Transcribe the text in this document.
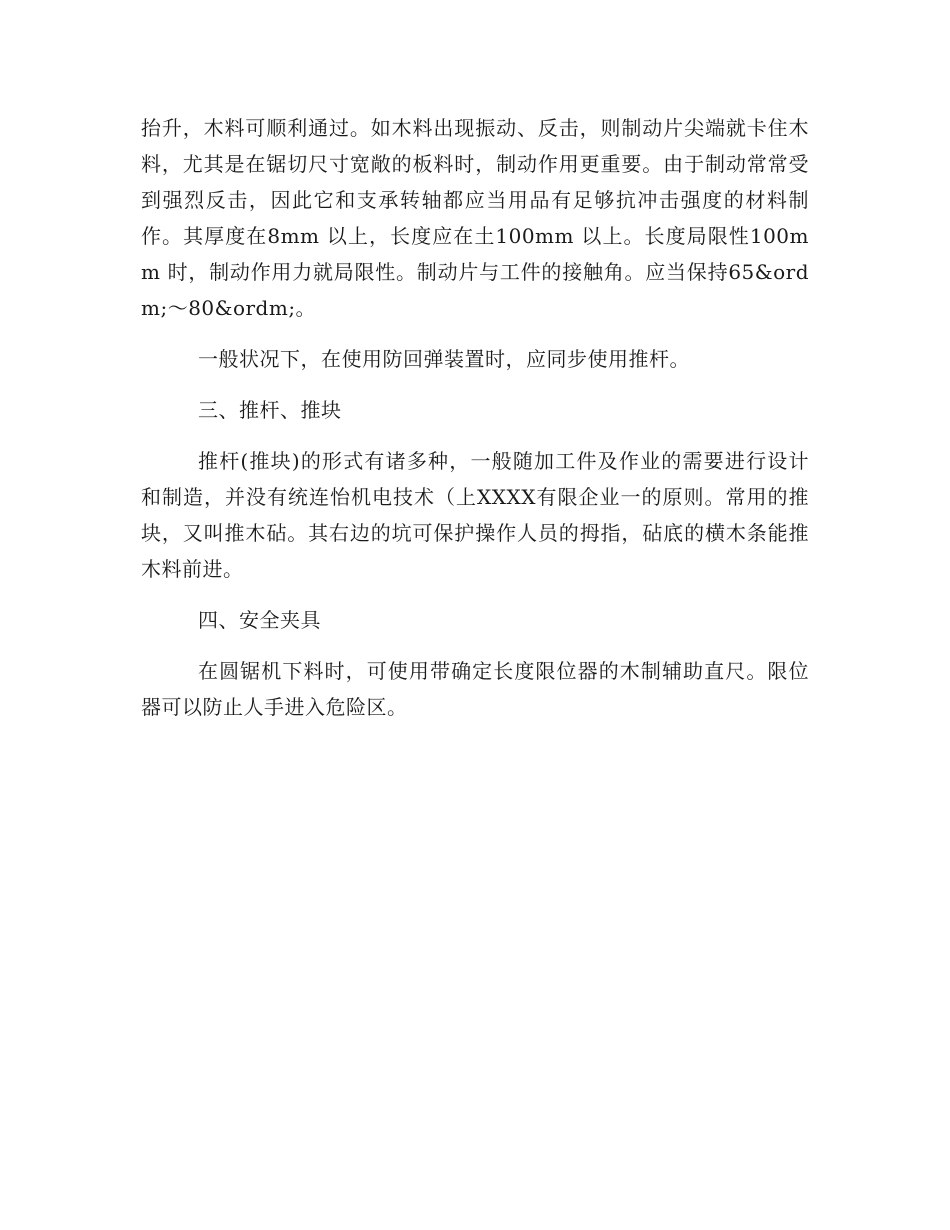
抬升，木料可顺利通过。如木料出现振动、反击，则制动片尖端就卡住木料，尤其是在锯切尺寸宽敞的板料时，制动作用更重要。由于制动常常受到强烈反击，因此它和支承转轴都应当用品有足够抗冲击强度的材料制作。其厚度在8mm 以上，长度应在土100mm 以上。长度局限性100mm 时，制动作用力就局限性。制动片与工件的接触角。应当保持65&ordm;～80&ordm;。

一般状况下，在使用防回弹装置时，应同步使用推杆。

三、推杆、推块

推杆(推块)的形式有诸多种，一般随加工件及作业的需要进行设计和制造，并没有统连怡机电技术（上XXXX有限企业一的原则。常用的推块，又叫推木砧。其右边的坑可保护操作人员的拇指，砧底的横木条能推木料前进。

四、安全夹具

在圆锯机下料时，可使用带确定长度限位器的木制辅助直尺。限位器可以防止人手进入危险区。
